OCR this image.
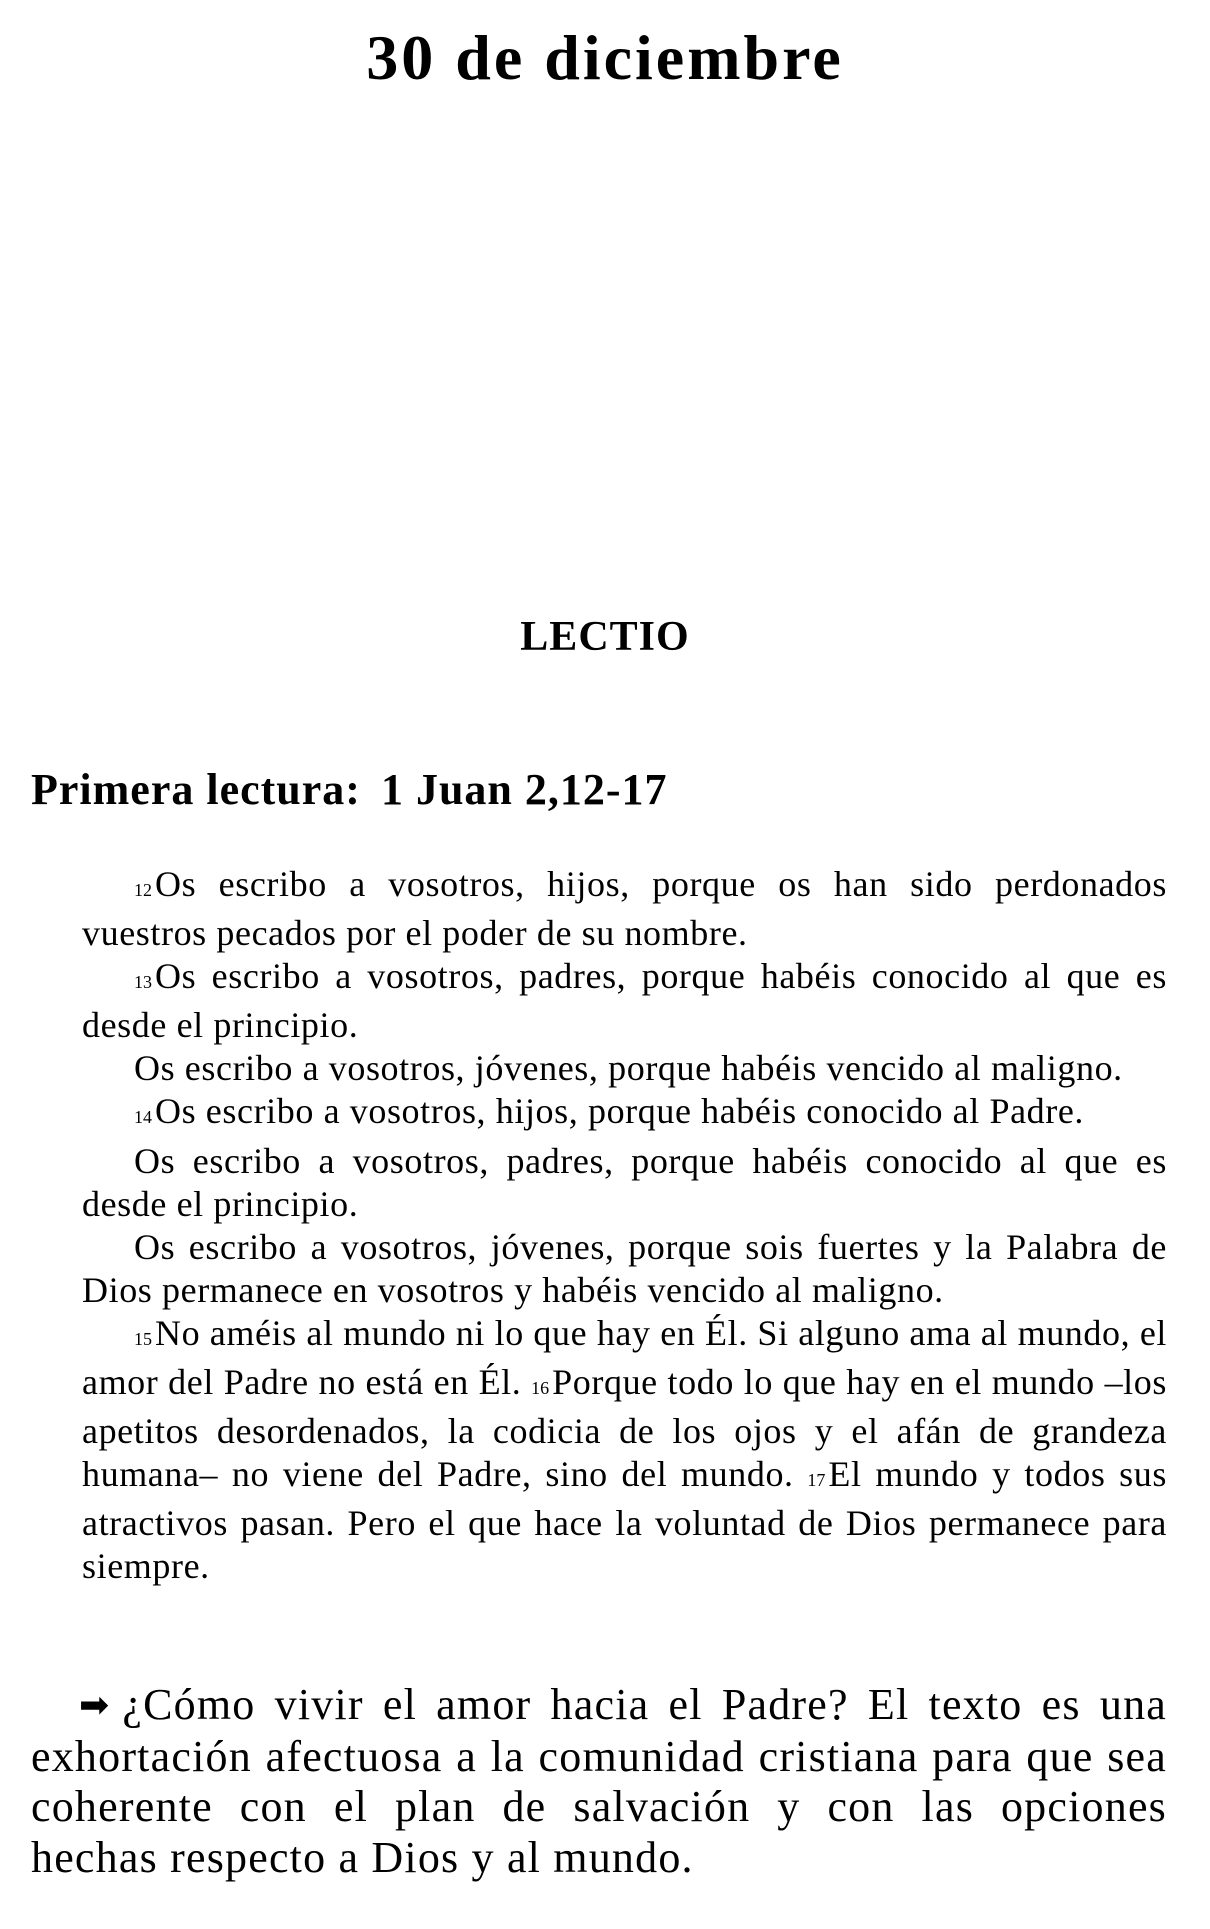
30 de diciembre
LECTIO
Primera lectura: 1 Juan 2,12-17

12Os escribo a vosotros, hijos, porque os han sido perdonados vuestros pecados por el poder de su nombre.

13Os escribo a vosotros, padres, porque habéis conocido al que es desde el principio.

Os escribo a vosotros, jóvenes, porque habéis vencido al maligno.

14Os escribo a vosotros, hijos, porque habéis conocido al Padre.

Os escribo a vosotros, padres, porque habéis conocido al que es desde el principio.

Os escribo a vosotros, jóvenes, porque sois fuertes y la Palabra de Dios permanece en vosotros y habéis vencido al maligno.

15No améis al mundo ni lo que hay en Él. Si alguno ama al mundo, el amor del Padre no está en Él. 16Porque todo lo que hay en el mundo –los apetitos desordenados, la codicia de los ojos y el afán de grandeza humana– no viene del Padre, sino del mundo. 17El mundo y todos sus atractivos pasan. Pero el que hace la voluntad de Dios permanece para siempre.

➡ ¿Cómo vivir el amor hacia el Padre? El texto es una exhortación afectuosa a la comunidad cristiana para que sea coherente con el plan de salvación y con las opciones hechas respecto a Dios y al mundo.
